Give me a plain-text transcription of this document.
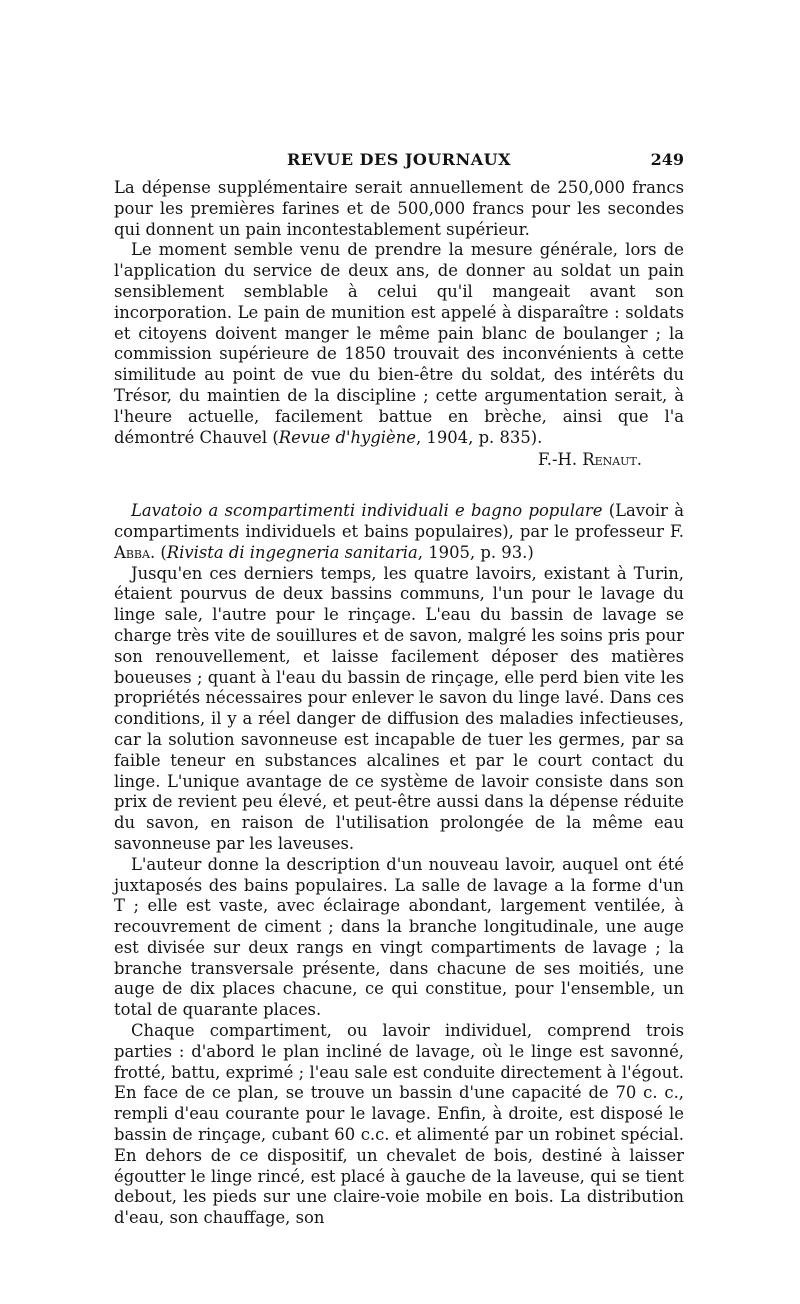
REVUE DES JOURNAUX	249

La dépense supplémentaire serait annuellement de 250,000 francs pour les premières farines et de 500,000 francs pour les secondes qui donnent un pain incontestablement supérieur.

Le moment semble venu de prendre la mesure générale, lors de l'application du service de deux ans, de donner au soldat un pain sensiblement semblable à celui qu'il mangeait avant son incorporation. Le pain de munition est appelé à disparaître : soldats et citoyens doivent manger le même pain blanc de boulanger ; la commission supérieure de 1850 trouvait des inconvénients à cette similitude au point de vue du bien-être du soldat, des intérêts du Trésor, du maintien de la discipline ; cette argumentation serait, à l'heure actuelle, facilement battue en brèche, ainsi que l'a démontré Chauvel (Revue d'hygiène, 1904, p. 835).

F.-H. Renaut.

Lavatoio a scompartimenti individuali e bagno populare (Lavoir à compartiments individuels et bains populaires), par le professeur F. Abba. (Rivista di ingegneria sanitaria, 1905, p. 93.)

Jusqu'en ces derniers temps, les quatre lavoirs, existant à Turin, étaient pourvus de deux bassins communs, l'un pour le lavage du linge sale, l'autre pour le rinçage. L'eau du bassin de lavage se charge très vite de souillures et de savon, malgré les soins pris pour son renouvellement, et laisse facilement déposer des matières boueuses ; quant à l'eau du bassin de rinçage, elle perd bien vite les propriétés nécessaires pour enlever le savon du linge lavé. Dans ces conditions, il y a réel danger de diffusion des maladies infectieuses, car la solution savonneuse est incapable de tuer les germes, par sa faible teneur en substances alcalines et par le court contact du linge. L'unique avantage de ce système de lavoir consiste dans son prix de revient peu élevé, et peut-être aussi dans la dépense réduite du savon, en raison de l'utilisation prolongée de la même eau savonneuse par les laveuses.

L'auteur donne la description d'un nouveau lavoir, auquel ont été juxtaposés des bains populaires. La salle de lavage a la forme d'un T ; elle est vaste, avec éclairage abondant, largement ventilée, à recouvrement de ciment ; dans la branche longitudinale, une auge est divisée sur deux rangs en vingt compartiments de lavage ; la branche transversale présente, dans chacune de ses moitiés, une auge de dix places chacune, ce qui constitue, pour l'ensemble, un total de quarante places.

Chaque compartiment, ou lavoir individuel, comprend trois parties : d'abord le plan incliné de lavage, où le linge est savonné, frotté, battu, exprimé ; l'eau sale est conduite directement à l'égout. En face de ce plan, se trouve un bassin d'une capacité de 70 c. c., rempli d'eau courante pour le lavage. Enfin, à droite, est disposé le bassin de rinçage, cubant 60 c.c. et alimenté par un robinet spécial. En dehors de ce dispositif, un chevalet de bois, destiné à laisser égoutter le linge rincé, est placé à gauche de la laveuse, qui se tient debout, les pieds sur une claire-voie mobile en bois. La distribution d'eau, son chauffage, son
